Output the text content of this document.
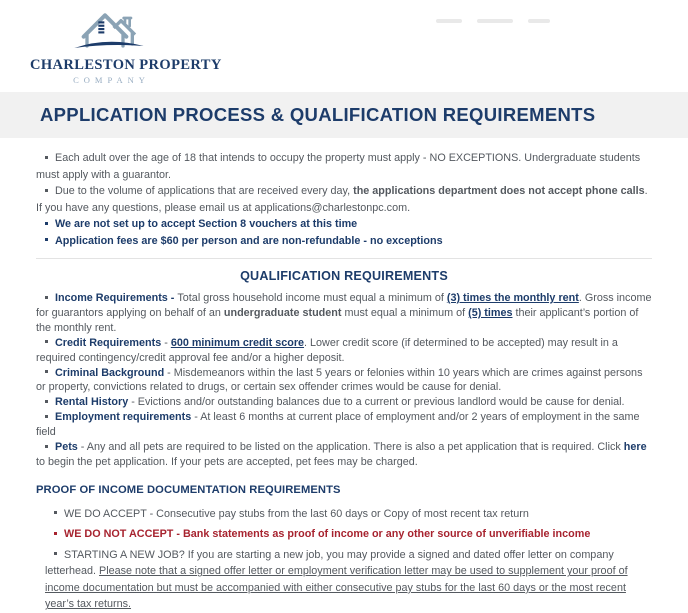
CHARLESTON PROPERTY
COMPANY
APPLICATION PROCESS & QUALIFICATION REQUIREMENTS
Each adult over the age of 18 that intends to occupy the property must apply - NO EXCEPTIONS. Undergraduate students must apply with a guarantor.
Due to the volume of applications that are received every day, the applications department does not accept phone calls. If you have any questions, please email us at applications@charlestonpc.com.
We are not set up to accept Section 8 vouchers at this time
Application fees are $60 per person and are non-refundable - no exceptions
QUALIFICATION REQUIREMENTS
Income Requirements - Total gross household income must equal a minimum of (3) times the monthly rent. Gross income for guarantors applying on behalf of an undergraduate student must equal a minimum of (5) times their applicant’s portion of the monthly rent.
Credit Requirements - 600 minimum credit score. Lower credit score (if determined to be accepted) may result in a required contingency/credit approval fee and/or a higher deposit.
Criminal Background - Misdemeanors within the last 5 years or felonies within 10 years which are crimes against persons or property, convictions related to drugs, or certain sex offender crimes would be cause for denial.
Rental History - Evictions and/or outstanding balances due to a current or previous landlord would be cause for denial.
Employment requirements - At least 6 months at current place of employment and/or 2 years of employment in the same field
Pets - Any and all pets are required to be listed on the application. There is also a pet application that is required. Click here to begin the pet application. If your pets are accepted, pet fees may be charged.
PROOF OF INCOME DOCUMENTATION REQUIREMENTS
WE DO ACCEPT - Consecutive pay stubs from the last 60 days or Copy of most recent tax return
WE DO NOT ACCEPT - Bank statements as proof of income or any other source of unverifiable income
STARTING A NEW JOB? If you are starting a new job, you may provide a signed and dated offer letter on company letterhead. Please note that a signed offer letter or employment verification letter may be used to supplement your proof of income documentation but must be accompanied with either consecutive pay stubs for the last 60 days or the most recent year’s tax returns.
